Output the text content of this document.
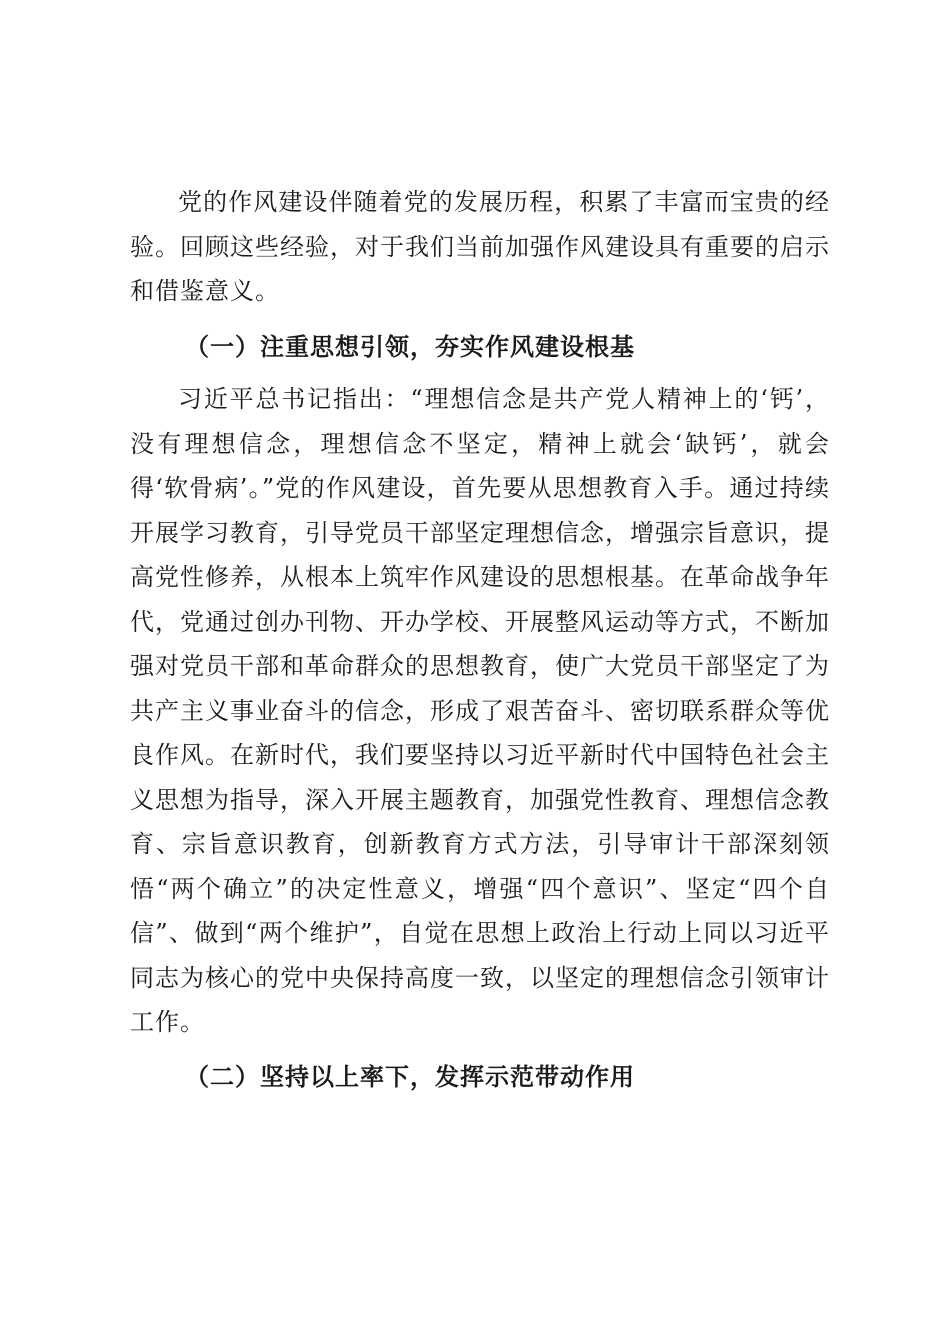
党的作风建设伴随着党的发展历程，积累了丰富而宝贵的经验。回顾这些经验，对于我们当前加强作风建设具有重要的启示和借鉴意义。

（一）注重思想引领，夯实作风建设根基

习近平总书记指出：“理想信念是共产党人精神上的‘钙’，没有理想信念，理想信念不坚定，精神上就会‘缺钙’，就会得‘软骨病’。”党的作风建设，首先要从思想教育入手。通过持续开展学习教育，引导党员干部坚定理想信念，增强宗旨意识，提高党性修养，从根本上筑牢作风建设的思想根基。在革命战争年代，党通过创办刊物、开办学校、开展整风运动等方式，不断加强对党员干部和革命群众的思想教育，使广大党员干部坚定了为共产主义事业奋斗的信念，形成了艰苦奋斗、密切联系群众等优良作风。在新时代，我们要坚持以习近平新时代中国特色社会主义思想为指导，深入开展主题教育，加强党性教育、理想信念教育、宗旨意识教育，创新教育方式方法，引导审计干部深刻领悟“两个确立”的决定性意义，增强“四个意识”、坚定“四个自信”、做到“两个维护”，自觉在思想上政治上行动上同以习近平同志为核心的党中央保持高度一致，以坚定的理想信念引领审计工作。

（二）坚持以上率下，发挥示范带动作用
